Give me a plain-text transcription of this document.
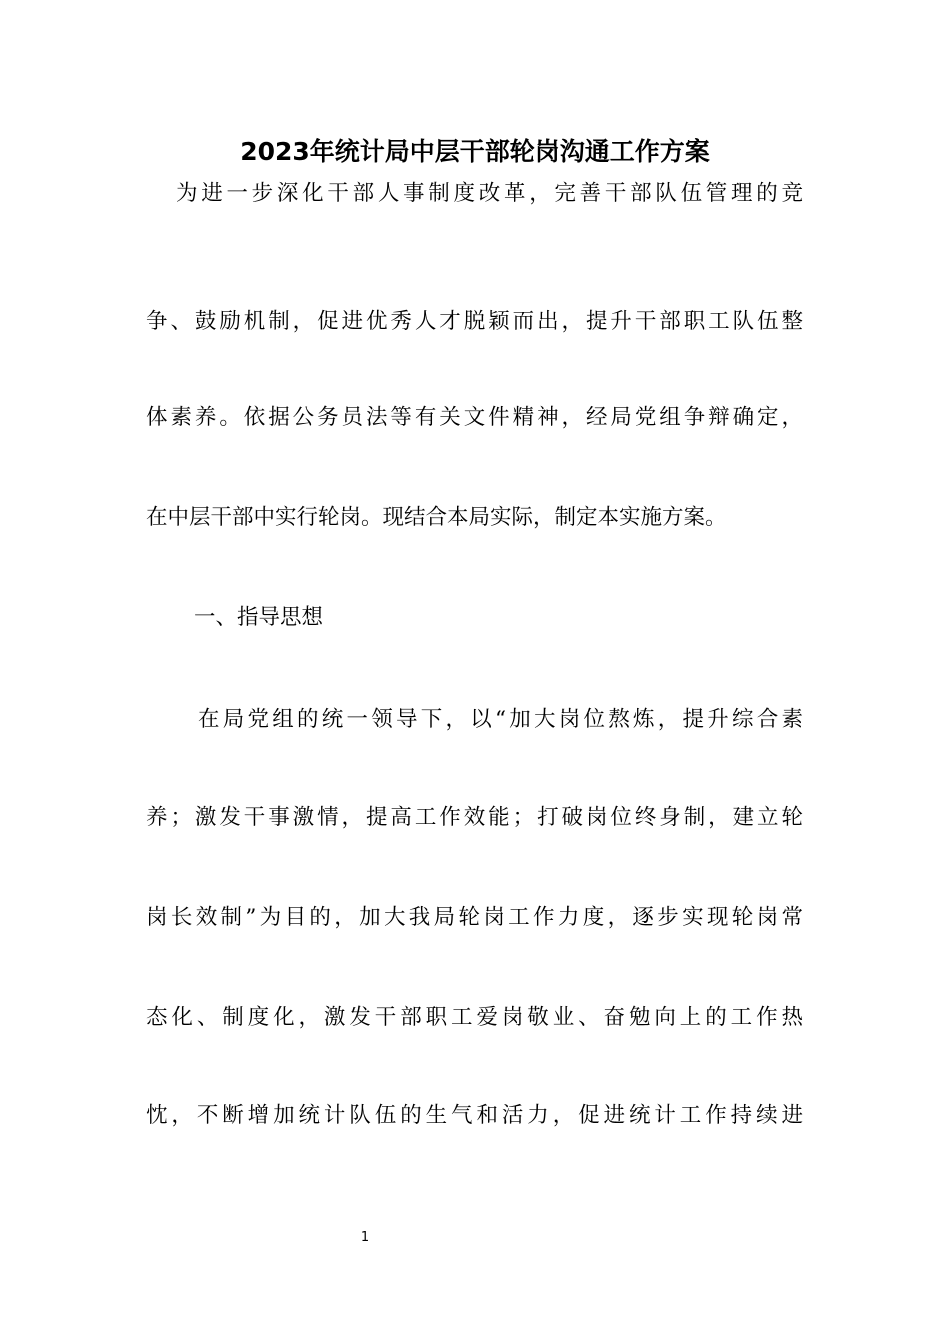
2023年统计局中层干部轮岗沟通工作方案
为进一步深化干部人事制度改革，完善干部队伍管理的竞
争、鼓励机制，促进优秀人才脱颖而出，提升干部职工队伍整
体素养。依据公务员法等有关文件精神，经局党组争辩确定，
在中层干部中实行轮岗。现结合本局实际，制定本实施方案。
一、指导思想
在局党组的统一领导下，以“加大岗位熬炼，提升综合素
养；激发干事激情，提高工作效能；打破岗位终身制，建立轮
岗长效制”为目的，加大我局轮岗工作力度，逐步实现轮岗常
态化、制度化，激发干部职工爱岗敬业、奋勉向上的工作热
忱，不断增加统计队伍的生气和活力，促进统计工作持续进
1
